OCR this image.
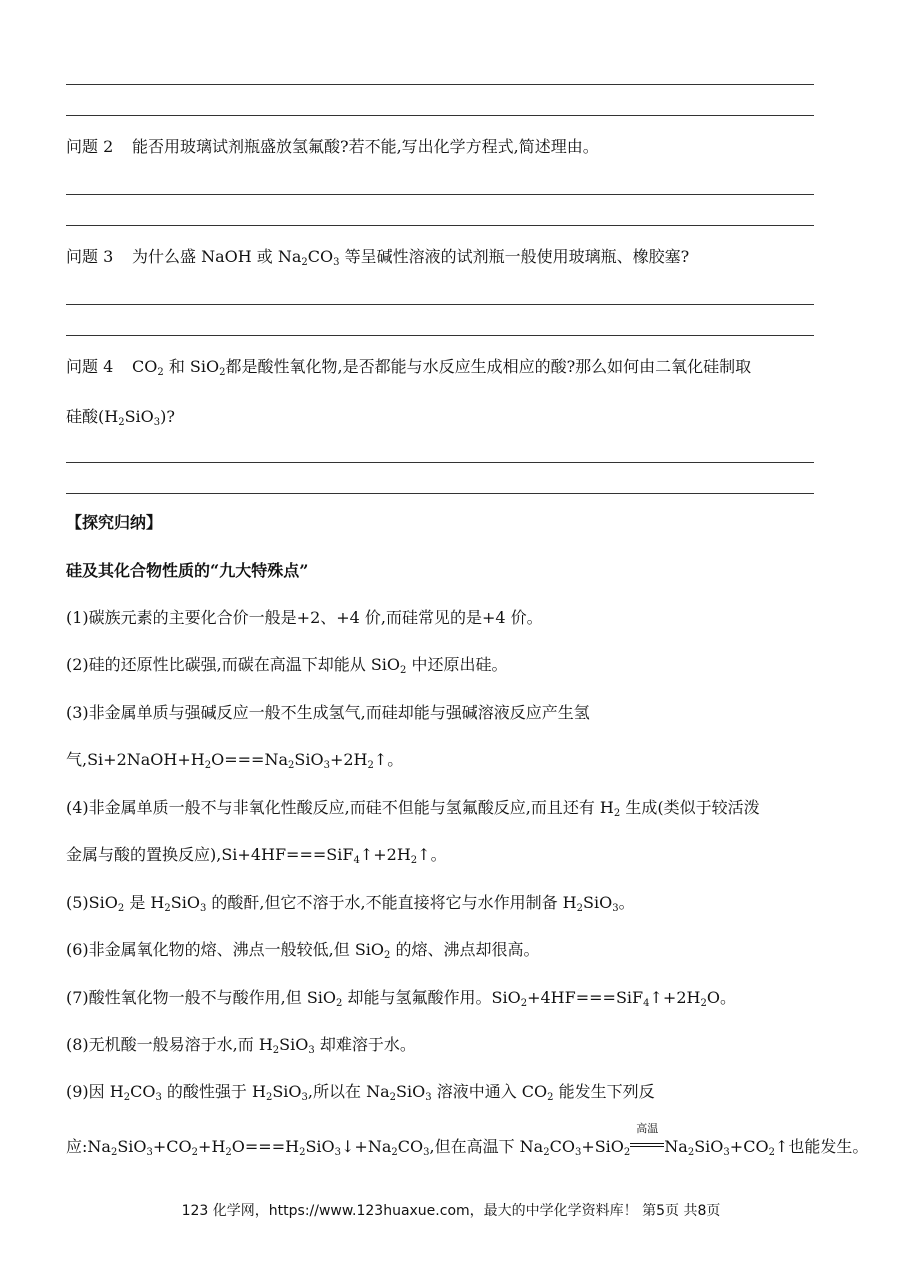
问题 2 能否用玻璃试剂瓶盛放氢氟酸?若不能,写出化学方程式,简述理由。
问题 3 为什么盛 NaOH 或 $Na_2CO_3$ 等呈碱性溶液的试剂瓶一般使用玻璃瓶、橡胶塞?
问题 4 $CO_2$ 和 SiO$_2$都是酸性氧化物,是否都能与水反应生成相应的酸?那么如何由二氧化硅制取
硅酸$(H_2SiO_3)$?
【探究归纳】
硅及其化合物性质的“九大特殊点”
(1)碳族元素的主要化合价一般是+2、+4 价,而硅常见的是+4 价。
(2)硅的还原性比碳强,而碳在高温下却能从 SiO$_2$ 中还原出硅。
(3)非金属单质与强碱反应一般不生成氢气,而硅却能与强碱溶液反应产生氢
气$,Si+2NaOH+H_2O===Na_2SiO_3+2H_2↑$。
(4)非金属单质一般不与非氧化性酸反应,而硅不但能与氢氟酸反应,而且还有 $H_2$ 生成(类似于较活泼
金属与酸的置换反应)$,Si+4HF===SiF_4↑+2H_2↑$。
(5)SiO$_2$ 是 $H_2SiO_3$ 的酸酐,但它不溶于水,不能直接将它与水作用制备 $H_2SiO_3$。
(6)非金属氧化物的熔、沸点一般较低,但 SiO$_2$ 的熔、沸点却很高。
(7)酸性氧化物一般不与酸作用,但 SiO$_2$ 却能与氢氟酸作用。$SiO_2+4HF===SiF_4↑+2H_2O$。
(8)无机酸一般易溶于水,而 $H_2SiO_3$ 却难溶于水。
(9)因 $H_2CO_3$ 的酸性强于 $H_2SiO_3$,所以在 $Na_2SiO_3$ 溶液中通入 $CO_2$ 能发生下列反
应$:Na_2SiO_3+CO_2+H_2O===H_2SiO_3↓+Na_2CO_3$,但在高温下 $Na_2CO_3+SiO_2$
高温
$Na_2SiO_3+CO_2↑$也能发生。
123 化学网，https://www.123huaxue.com，最大的中学化学资料库！ 第5页 共8页
